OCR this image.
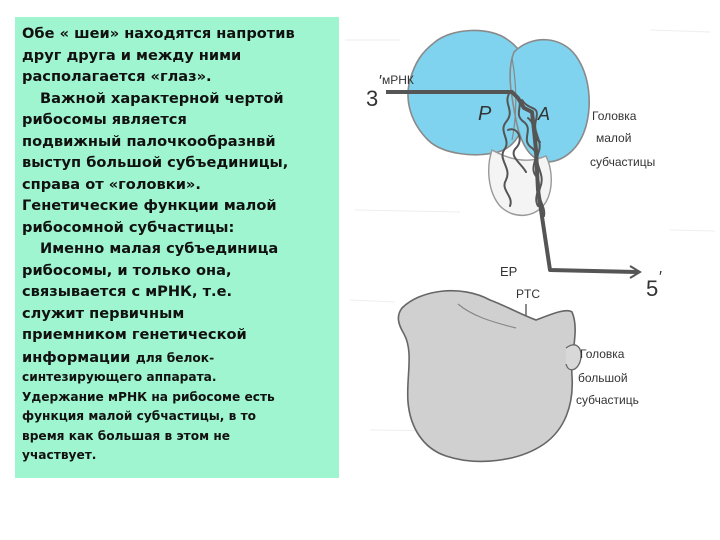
Обе « шеи» находятся напротив
друг друга и между ними
располагается «глаз».
Важной характерной чертой
рибосомы является
подвижный палочкообразнвй
выступ большой субъединицы,
справа от «головки».
Генетические функции малой
рибосомной субчастицы:
Именно малая субъединица
рибосомы, и только она,
связывается с мРНК, т.е.
служит первичным
приемником генетической
информации для белок-
синтезирующего аппарата.
Удержание мРНК на рибосоме есть
функция малой субчастицы, в то
время как большая в этом не
участвует.
3
′ мРНК
P	A	Головка
малой
субчастицы
ЕР
PTC	5 ′
Головка
большой
субчастиць
